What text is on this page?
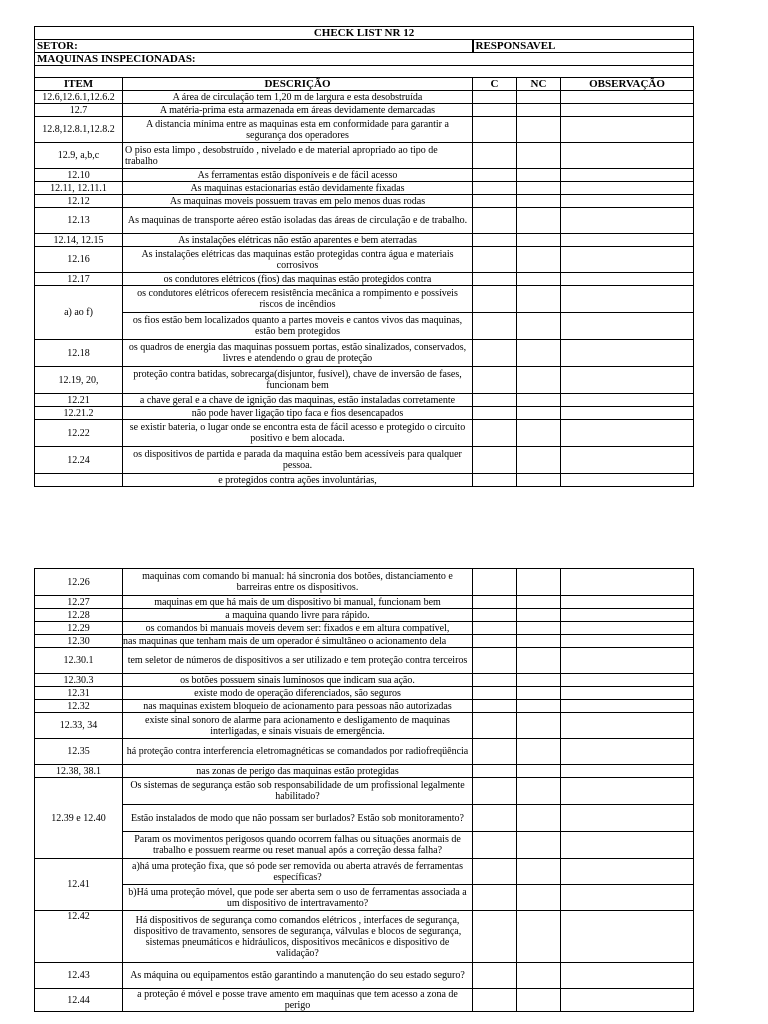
CHECK LIST NR 12				
SETOR:		RESPONSAVEL		
MAQUINAS INSPECIONADAS:				

ITEM	DESCRIÇÃO	C	NC	OBSERVAÇÃO
12.6,12.6.1,12.6.2	A área de circulação tem 1,20 m de largura e esta desobstruída			
12.7	A matéria-prima esta armazenada em áreas devidamente demarcadas			
12.8,12.8.1,12.8.2	A distancia mínima entre as maquinas esta em conformidade para garantir a segurança dos operadores			
12.9, a,b,c	O piso esta limpo , desobstruído , nivelado e de material apropriado ao tipo de trabalho			
12.10	As ferramentas estão disponíveis e de fácil acesso			
12.11, 12.11.1	As maquinas estacionarias estão devidamente fixadas			
12.12	As maquinas moveis possuem travas em pelo menos duas rodas			
12.13	As maquinas de transporte aéreo estão isoladas das áreas de circulação e de trabalho.			
12.14, 12.15	As instalações elétricas não estão aparentes e bem aterradas			
12.16	As instalações elétricas das maquinas estão protegidas contra água e materiais corrosivos			
12.17	os condutores elétricos (fios) das maquinas estão protegidos contra			
a) ao f)	os condutores elétricos oferecem resistência mecânica a rompimento e possíveis riscos de incêndios			
	os fios estão bem localizados quanto a partes moveis e cantos vivos das maquinas, estão bem protegidos			
12.18	os quadros de energia das maquinas possuem portas, estão sinalizados, conservados, livres e atendendo o grau de proteção			
12.19, 20,	proteção contra batidas, sobrecarga(disjuntor, fusível), chave de inversão de fases, funcionam bem			
12.21	a chave geral e a chave de ignição das maquinas, estão instaladas corretamente			
12.21.2	não pode haver ligação tipo faca e fios desencapados			
12.22	se existir bateria, o lugar onde se encontra esta de fácil acesso e protegido o circuito positivo e bem alocada.			
12.24	os dispositivos de partida e parada da maquina estão bem acessíveis para qualquer pessoa.			
	e protegidos contra ações involuntárias,			
12.26	maquinas com comando bi manual: há sincronia dos botões, distanciamento e barreiras entre os dispositivos.			
12.27	maquinas em que há mais de um dispositivo bi manual, funcionam bem			
12.28	a maquina quando livre para rápido.			
12.29	os comandos bi manuais moveis devem ser: fixados e em altura compatível,			
12.30	nas maquinas que tenham mais de um operador é simultâneo o acionamento dela			
12.30.1	tem seletor de números de dispositivos a ser utilizado e tem proteção contra terceiros			
12.30.3	os botões possuem sinais luminosos que indicam sua ação.			
12.31	existe modo de operação diferenciados, são seguros			
12.32	nas maquinas existem bloqueio de acionamento para pessoas não autorizadas			
12.33, 34	existe sinal sonoro de alarme para acionamento e desligamento de maquinas interligadas, e sinais visuais de emergência.			
12.35	há proteção contra interferencia eletromagnéticas se comandados por radiofreqüência			
12.38, 38.1	nas zonas de perigo das maquinas estão protegidas			
12.39 e 12.40	Os sistemas de segurança estão sob responsabilidade de um profissional legalmente habilitado?			
	Estão instalados de modo que não possam ser burlados? Estão sob monitoramento?			
	Param os movimentos perigosos quando ocorrem falhas ou situações anormais de trabalho e possuem rearme ou reset manual após a correção dessa falha?			
12.41	a)há uma proteção fixa, que só pode ser removida ou aberta através de ferramentas específicas?			
	b)Há uma proteção móvel, que pode ser aberta sem o uso de ferramentas associada a um dispositivo de intertravamento?			
12.42	Há dispositivos de segurança como comandos elétricos , interfaces de segurança, dispositivo de travamento, sensores de segurança, válvulas e blocos de segurança, sistemas pneumáticos e hidráulicos, dispositivos mecânicos e dispositivo de validação?			
12.43	As máquina ou equipamentos estão garantindo a manutenção do seu estado seguro?			
12.44	a proteção é móvel e posse trave amento em maquinas que tem acesso a zona de perigo			
